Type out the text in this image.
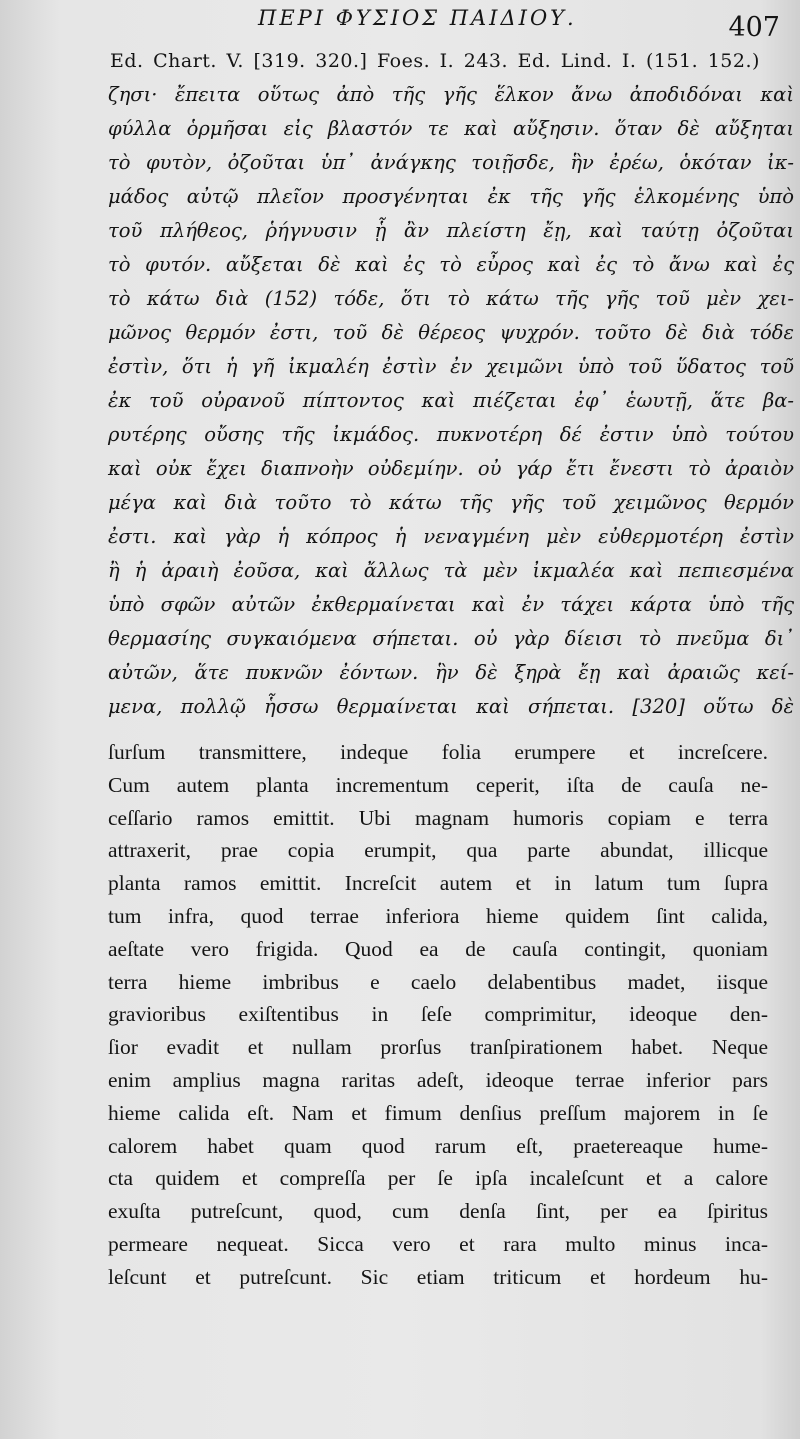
ΠΕΡΙ ΦΥΣΙΟΣ ΠΑΙΔΙΟΥ.	407
Ed. Chart. V. [319. 320.] Foes. I. 243. Ed. Lind. I. (151. 152.)
ζησι· ἔπειτα οὕτως ἀπὸ τῆς γῆς ἕλκον ἄνω ἀποδιδόναι καὶ
φύλλα ὁρμῆσαι εἰς βλαστόν τε καὶ αὔξησιν. ὅταν δὲ αὔξηται
τὸ φυτὸν, ὀζοῦται ὑπ᾽ ἀνάγκης τοιῇσδε, ἣν ἐρέω, ὁκόταν ἰκ-
μάδος αὐτῷ πλεῖον προσγένηται ἐκ τῆς γῆς ἑλκομένης ὑπὸ
τοῦ πλήθεος, ῥήγνυσιν ᾗ ἂν πλείστη ἔῃ, καὶ ταύτῃ ὀζοῦται
τὸ φυτόν. αὔξεται δὲ καὶ ἐς τὸ εὖρος καὶ ἐς τὸ ἄνω καὶ ἐς
τὸ κάτω διὰ (152) τόδε, ὅτι τὸ κάτω τῆς γῆς τοῦ μὲν χει-
μῶνος θερμόν ἐστι, τοῦ δὲ θέρεος ψυχρόν. τοῦτο δὲ διὰ τόδε
ἐστὶν, ὅτι ἡ γῆ ἰκμαλέη ἐστὶν ἐν χειμῶνι ὑπὸ τοῦ ὕδατος τοῦ
ἐκ τοῦ οὐρανοῦ πίπτοντος καὶ πιέζεται ἐφ᾽ ἑωυτῇ, ἅτε βα-
ρυτέρης οὔσης τῆς ἰκμάδος. πυκνοτέρη δέ ἐστιν ὑπὸ τούτου
καὶ οὐκ ἔχει διαπνοὴν οὐδεμίην. οὐ γάρ ἔτι ἔνεστι τὸ ἀραιὸν
μέγα καὶ διὰ τοῦτο τὸ κάτω τῆς γῆς τοῦ χειμῶνος θερμόν
ἐστι. καὶ γὰρ ἡ κόπρος ἡ νεναγμένη μὲν εὐθερμοτέρη ἐστὶν
ἢ ἡ ἀραιὴ ἐοῦσα, καὶ ἄλλως τὰ μὲν ἰκμαλέα καὶ πεπιεσμένα
ὑπὸ σφῶν αὐτῶν ἐκθερμαίνεται καὶ ἐν τάχει κάρτα ὑπὸ τῆς
θερμασίης συγκαιόμενα σήπεται. οὐ γὰρ δίεισι τὸ πνεῦμα δι᾽
αὐτῶν, ἅτε πυκνῶν ἐόντων. ἣν δὲ ξηρὰ ἔῃ καὶ ἀραιῶς κεί-
μενα, πολλῷ ἧσσω θερμαίνεται καὶ σήπεται. [320] οὕτω δὲ
ſurſum transmittere, indeque folia erumpere et increſcere.
Cum autem planta incrementum ceperit, iſta de cauſa ne-
ceſſario ramos emittit. Ubi magnam humoris copiam e terra
attraxerit, prae copia erumpit, qua parte abundat, illicque
planta ramos emittit. Increſcit autem et in latum tum ſupra
tum infra, quod terrae inferiora hieme quidem ſint calida,
aeſtate vero frigida. Quod ea de cauſa contingit, quoniam
terra hieme imbribus e caelo delabentibus madet, iisque
gravioribus exiſtentibus in ſeſe comprimitur, ideoque den-
ſior evadit et nullam prorſus tranſpirationem habet. Neque
enim amplius magna raritas adeſt, ideoque terrae inferior pars
hieme calida eſt. Nam et fimum denſius preſſum majorem in ſe
calorem habet quam quod rarum eſt, praetereaque hume-
cta quidem et compreſſa per ſe ipſa incaleſcunt et a calore
exuſta putreſcunt, quod, cum denſa ſint, per ea ſpiritus
permeare nequeat. Sicca vero et rara multo minus inca-
leſcunt et putreſcunt. Sic etiam triticum et hordeum hu-
